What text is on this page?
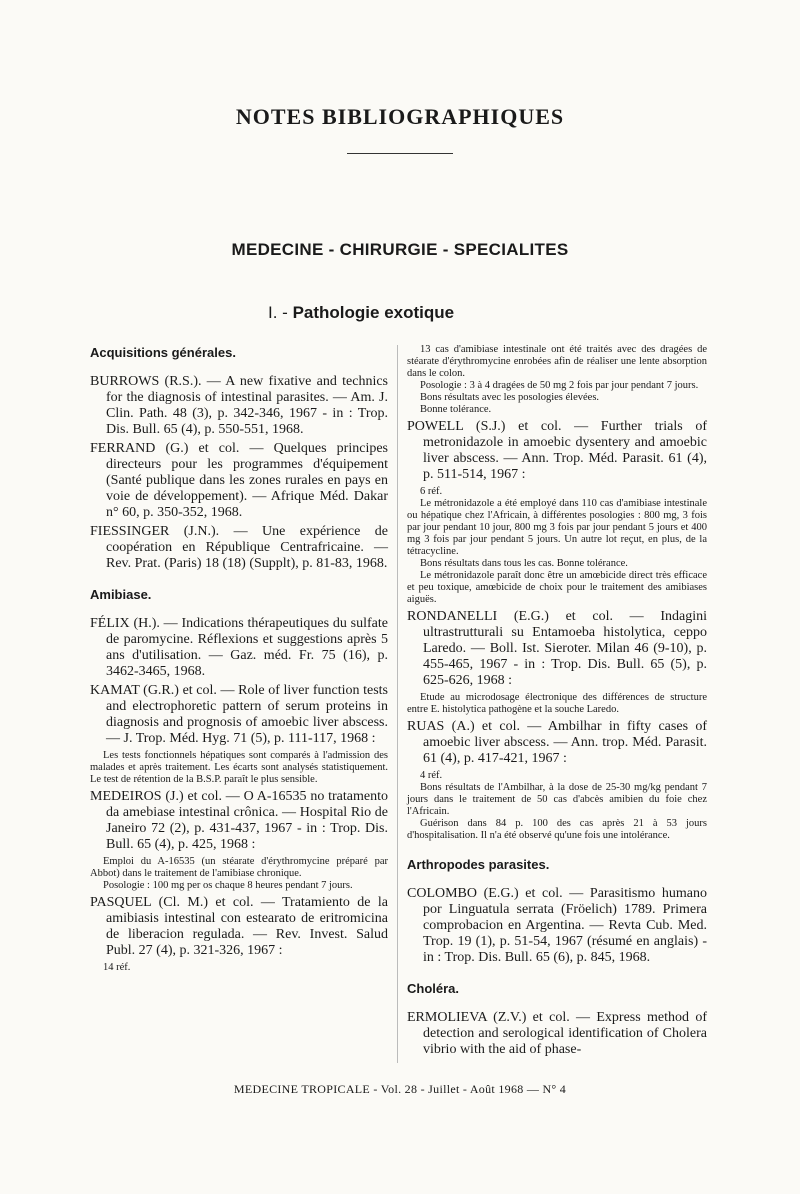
NOTES BIBLIOGRAPHIQUES
MEDECINE - CHIRURGIE - SPECIALITES
I. - Pathologie exotique
Acquisitions générales.

BURROWS (R.S.). — A new fixative and technics for the diagnosis of intestinal parasites. — Am. J. Clin. Path. 48 (3), p. 342-346, 1967 - in : Trop. Dis. Bull. 65 (4), p. 550-551, 1968.

FERRAND (G.) et col. — Quelques principes directeurs pour les programmes d'équipement (Santé publique dans les zones rurales en pays en voie de développement). — Afrique Méd. Dakar n° 60, p. 350-352, 1968.

FIESSINGER (J.N.). — Une expérience de coopération en République Centrafricaine. — Rev. Prat. (Paris) 18 (18) (Supplt), p. 81-83, 1968.

Amibiase.

FÉLIX (H.). — Indications thérapeutiques du sulfate de paromycine. Réflexions et suggestions après 5 ans d'utilisation. — Gaz. méd. Fr. 75 (16), p. 3462-3465, 1968.

KAMAT (G.R.) et col. — Role of liver function tests and electrophoretic pattern of serum proteins in diagnosis and prognosis of amoebic liver abscess. — J. Trop. Méd. Hyg. 71 (5), p. 111-117, 1968 :

Les tests fonctionnels hépatiques sont comparés à l'admission des malades et après traitement. Les écarts sont analysés statistiquement. Le test de rétention de la B.S.P. paraît le plus sensible.

MEDEIROS (J.) et col. — O A-16535 no tratamento da amebiase intestinal crônica. — Hospital Rio de Janeiro 72 (2), p. 431-437, 1967 - in : Trop. Dis. Bull. 65 (4), p. 425, 1968 :

Emploi du A-16535 (un stéarate d'érythromycine préparé par Abbot) dans le traitement de l'amibiase chronique.

Posologie : 100 mg per os chaque 8 heures pendant 7 jours.

PASQUEL (Cl. M.) et col. — Tratamiento de la amibiasis intestinal con estearato de eritromicina de liberacion regulada. — Rev. Invest. Salud Publ. 27 (4), p. 321-326, 1967 :

14 réf.

13 cas d'amibiase intestinale ont été traités avec des dragées de stéarate d'érythromycine enrobées afin de réaliser une lente absorption dans le colon.

Posologie : 3 à 4 dragées de 50 mg 2 fois par jour pendant 7 jours.

Bons résultats avec les posologies élevées.

Bonne tolérance.

POWELL (S.J.) et col. — Further trials of metronidazole in amoebic dysentery and amoebic liver abscess. — Ann. Trop. Méd. Parasit. 61 (4), p. 511-514, 1967 :

6 réf.

Le métronidazole a été employé dans 110 cas d'amibiase intestinale ou hépatique chez l'Africain, à différentes posologies : 800 mg, 3 fois par jour pendant 10 jour, 800 mg 3 fois par jour pendant 5 jours et 400 mg 3 fois par jour pendant 5 jours. Un autre lot reçut, en plus, de la tétracycline.

Bons résultats dans tous les cas. Bonne tolérance.

Le métronidazole paraît donc être un amœbicide direct très efficace et peu toxique, amœbicide de choix pour le traitement des amibiases aiguës.

RONDANELLI (E.G.) et col. — Indagini ultrastrutturali su Entamoeba histolytica, ceppo Laredo. — Boll. Ist. Sieroter. Milan 46 (9-10), p. 455-465, 1967 - in : Trop. Dis. Bull. 65 (5), p. 625-626, 1968 :

Etude au microdosage électronique des différences de structure entre E. histolytica pathogène et la souche Laredo.

RUAS (A.) et col. — Ambilhar in fifty cases of amoebic liver abscess. — Ann. trop. Méd. Parasit. 61 (4), p. 417-421, 1967 :

4 réf.

Bons résultats de l'Ambilhar, à la dose de 25-30 mg/kg pendant 7 jours dans le traitement de 50 cas d'abcès amibien du foie chez l'Africain.

Guérison dans 84 p. 100 des cas après 21 à 53 jours d'hospitalisation. Il n'a été observé qu'une fois une intolérance.

Arthropodes parasites.

COLOMBO (E.G.) et col. — Parasitismo humano por Linguatula serrata (Fröelich) 1789. Primera comprobacion en Argentina. — Revta Cub. Med. Trop. 19 (1), p. 51-54, 1967 (résumé en anglais) - in : Trop. Dis. Bull. 65 (6), p. 845, 1968.

Choléra.

ERMOLIEVA (Z.V.) et col. — Express method of detection and serological identification of Cholera vibrio with the aid of phase-

MEDECINE TROPICALE - Vol. 28 - Juillet - Août 1968 — N° 4
